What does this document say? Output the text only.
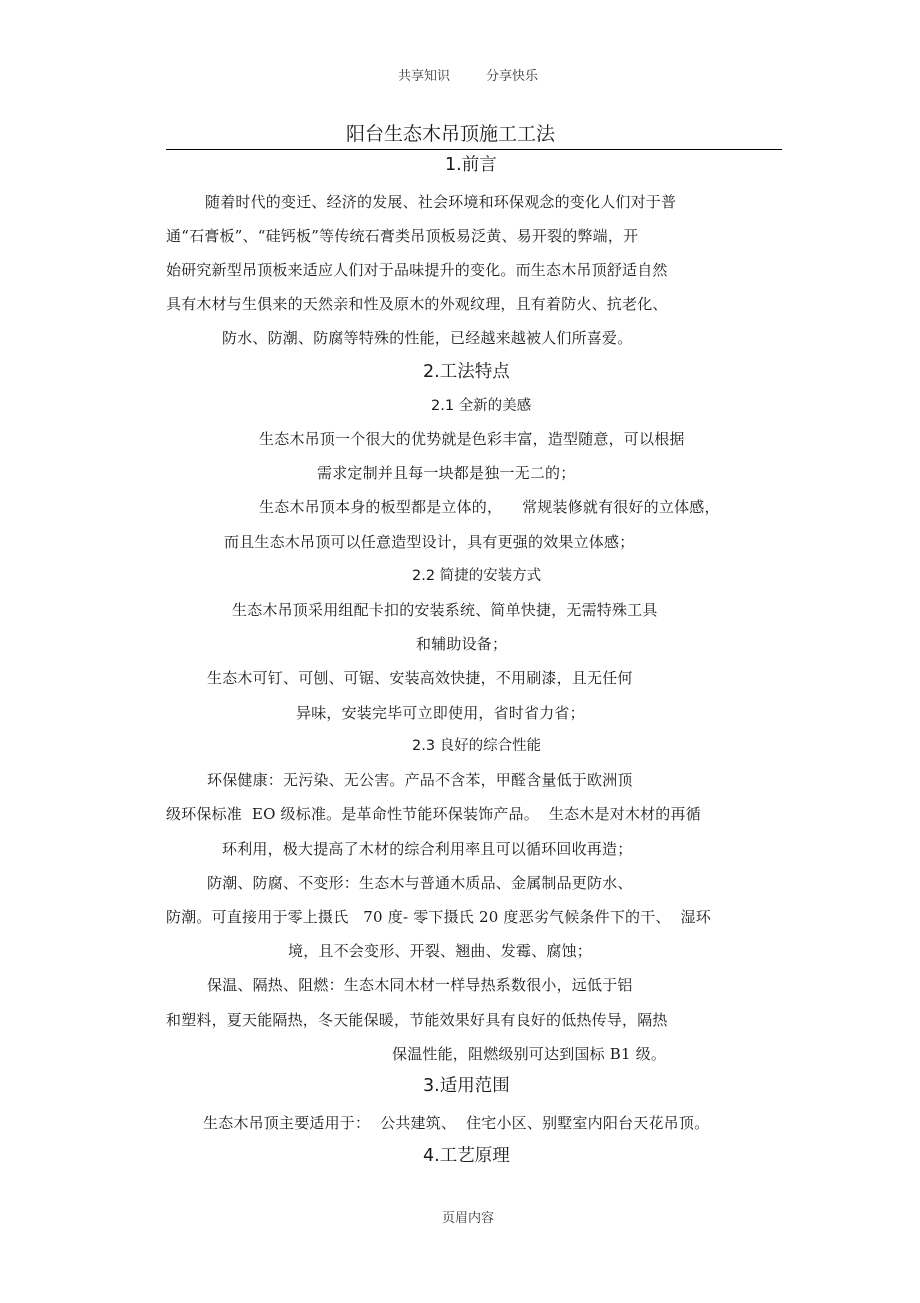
共享知识	分享快乐
阳台生态木吊顶施工工法
1.前言
随着时代的变迁、经济的发展、社会环境和环保观念的变化人们对于普
通“石膏板”、“硅钙板”等传统石膏类吊顶板易泛黄、易开裂的弊端，开
始研究新型吊顶板来适应人们对于品味提升的变化。而生态木吊顶舒适自然
具有木材与生俱来的天然亲和性及原木的外观纹理，且有着防火、抗老化、
防水、防潮、防腐等特殊的性能，已经越来越被人们所喜爱。
2.工法特点
2.1 全新的美感
生态木吊顶一个很大的优势就是色彩丰富，造型随意，可以根据
需求定制并且每一块都是独一无二的；
生态木吊顶本身的板型都是立体的，    常规装修就有很好的立体感，
而且生态木吊顶可以任意造型设计，具有更强的效果立体感；
2.2 简捷的安装方式
生态木吊顶采用组配卡扣的安装系统、简单快捷，无需特殊工具
和辅助设备；
生态木可钉、可刨、可锯、安装高效快捷，不用刷漆，且无任何
异味，安装完毕可立即使用，省时省力省；
2.3 良好的综合性能
环保健康：无污染、无公害。产品不含苯，甲醛含量低于欧洲顶
级环保标准  EO 级标准。是革命性节能环保装饰产品。  生态木是对木材的再循
环利用，极大提高了木材的综合利用率且可以循环回收再造；
防潮、防腐、不变形：生态木与普通木质品、金属制品更防水、
防潮。可直接用于零上摄氏   70 度- 零下摄氏 20 度恶劣气候条件下的干、  湿环
境，且不会变形、开裂、翘曲、发霉、腐蚀；
保温、隔热、阻燃：生态木同木材一样导热系数很小，远低于铝
和塑料，夏天能隔热，冬天能保暖，节能效果好具有良好的低热传导，隔热
保温性能，阻燃级别可达到国标 B1 级。
3.适用范围
生态木吊顶主要适用于：  公共建筑、  住宅小区、别墅室内阳台天花吊顶。
4.工艺原理
页眉内容
